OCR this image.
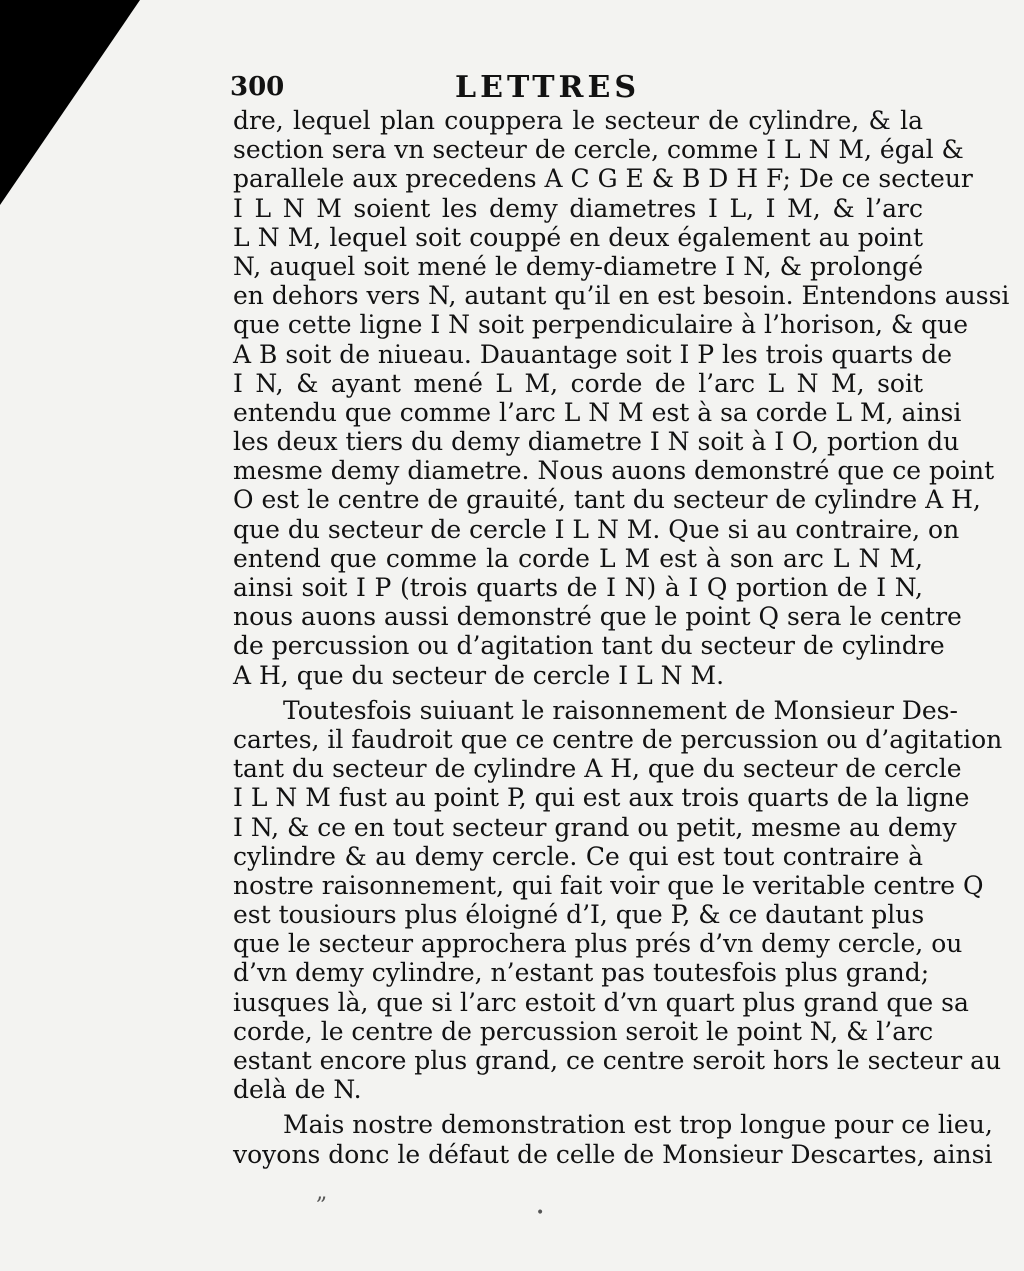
300	LETTRES
dre, lequel plan couppera le secteur de cylindre, & la
section sera vn secteur de cercle, comme I L N M, égal &
parallele aux precedens A C G E & B D H F; De ce secteur
I L N M soient les demy diametres I L, I M, & l’arc
L N M, lequel soit couppé en deux également au point
N, auquel soit mené le demy-diametre I N, & prolongé
en dehors vers N, autant qu’il en est besoin. Entendons aussi
que cette ligne I N soit perpendiculaire à l’horison, & que
A B soit de niueau. Dauantage soit I P les trois quarts de
I N, & ayant mené L M, corde de l’arc L N M, soit
entendu que comme l’arc L N M est à sa corde L M, ainsi
les deux tiers du demy diametre I N soit à I O, portion du
mesme demy diametre. Nous auons demonstré que ce point
O est le centre de grauité, tant du secteur de cylindre A H,
que du secteur de cercle I L N M. Que si au contraire, on
entend que comme la corde L M est à son arc L N M,
ainsi soit I P (trois quarts de I N) à I Q portion de I N,
nous auons aussi demonstré que le point Q sera le centre
de percussion ou d’agitation tant du secteur de cylindre
A H, que du secteur de cercle I L N M.
Toutesfois suiuant le raisonnement de Monsieur Des-
cartes, il faudroit que ce centre de percussion ou d’agitation
tant du secteur de cylindre A H, que du secteur de cercle
I L N M fust au point P, qui est aux trois quarts de la ligne
I N, & ce en tout secteur grand ou petit, mesme au demy
cylindre & au demy cercle. Ce qui est tout contraire à
nostre raisonnement, qui fait voir que le veritable centre Q
est tousiours plus éloigné d’I, que P, & ce dautant plus
que le secteur approchera plus prés d’vn demy cercle, ou
d’vn demy cylindre, n’estant pas toutesfois plus grand;
iusques là, que si l’arc estoit d’vn quart plus grand que sa
corde, le centre de percussion seroit le point N, & l’arc
estant encore plus grand, ce centre seroit hors le secteur au
delà de N.
Mais nostre demonstration est trop longue pour ce lieu,
voyons donc le défaut de celle de Monsieur Descartes, ainsi
„
•
